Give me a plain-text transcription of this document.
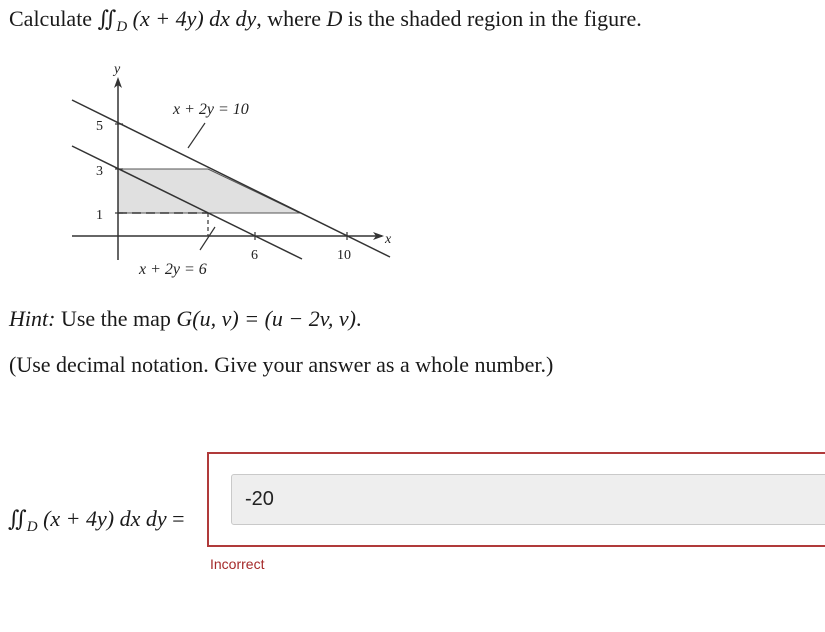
Calculate $∬_D$ (x + 4y) dx dy, where D is the shaded region in the figure.
y
x
5
3
1
6	10
x + 2y = 10
x + 2y = 6
Hint: Use the map G(u, v) = (u − 2v, v).
(Use decimal notation. Give your answer as a whole number.)
$∬_D$ (x + 4y) dx dy =
-20
Incorrect
